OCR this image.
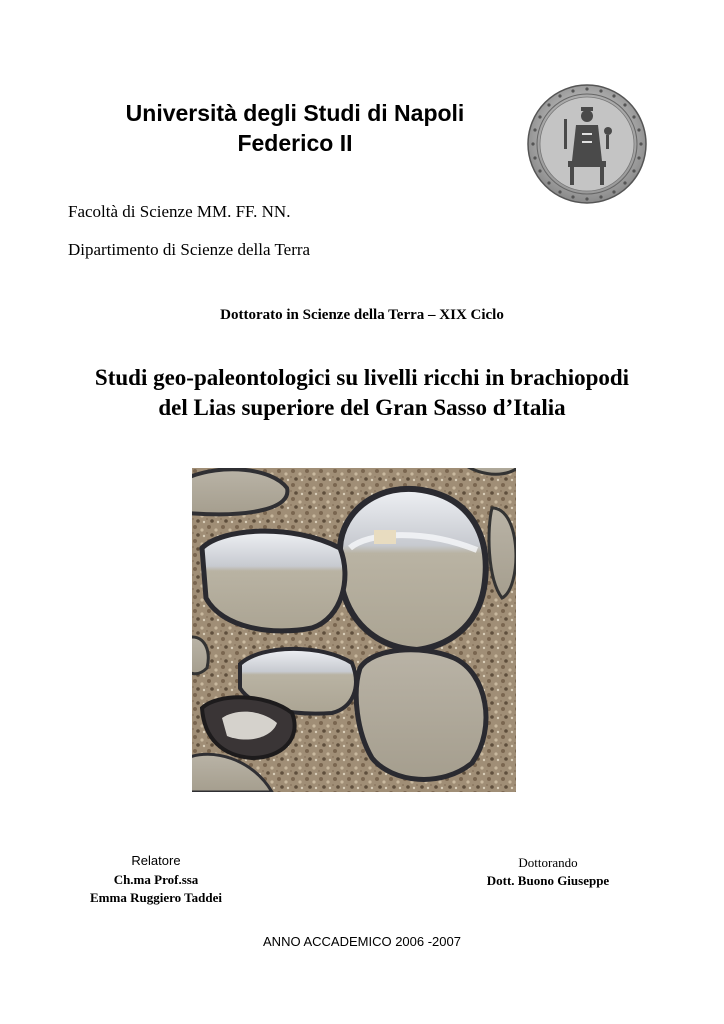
Università degli Studi di Napoli
Federico II
Facoltà di Scienze MM. FF. NN.
Dipartimento di Scienze della Terra
Dottorato in Scienze della Terra – XIX Ciclo
Studi geo-paleontologici su livelli ricchi in brachiopodi
del Lias superiore del Gran Sasso d’Italia
Relatore
Ch.ma Prof.ssa
Emma Ruggiero Taddei
Dottorando
Dott. Buono Giuseppe
ANNO ACCADEMICO 2006 -2007
